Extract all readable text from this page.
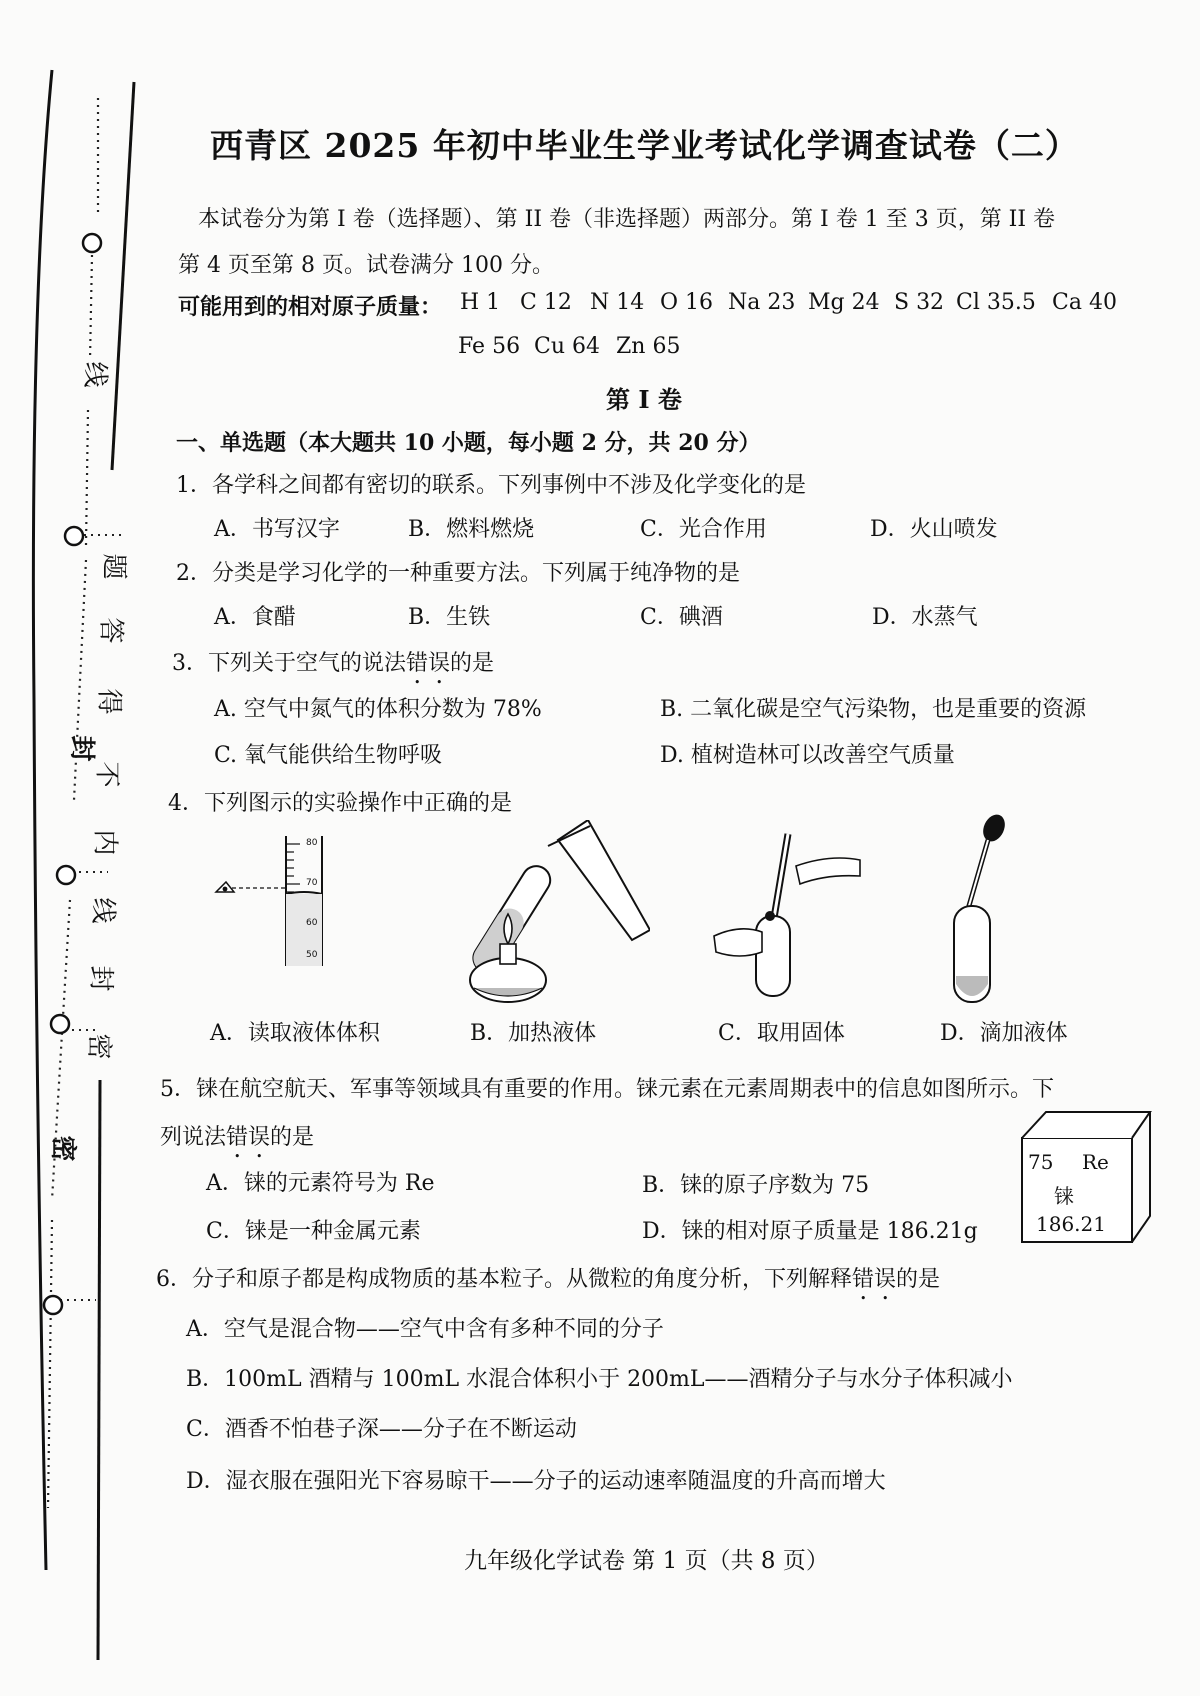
线
封
密
题
答
得
不
内
线
封
密
西青区 2025 年初中毕业生学业考试化学调查试卷（二）
本试卷分为第 I 卷（选择题）、第 II 卷（非选择题）两部分。第 I 卷 1 至 3 页，第 II 卷
第 4 页至第 8 页。试卷满分 100 分。
可能用到的相对原子质量： H 1 C 12 N 14 O 16 Na 23 Mg 24 S 32 Cl 35.5 Ca 40
Fe 56 Cu 64 Zn 65
第 I 卷
一、单选题（本大题共 10 小题，每小题 2 分，共 20 分）
1．各学科之间都有密切的联系。下列事例中不涉及化学变化的是
A．书写汉字	B．燃料燃烧	C．光合作用	D．火山喷发
2．分类是学习化学的一种重要方法。下列属于纯净物的是
A．食醋	B．生铁	C．碘酒	D．水蒸气
3．下列关于空气的说法错误的是
A. 空气中氮气的体积分数为 78%	B. 二氧化碳是空气污染物，也是重要的资源
C. 氧气能供给生物呼吸	D. 植树造林可以改善空气质量
4．下列图示的实验操作中正确的是
80
70
60
50
A．读取液体体积	B．加热液体	C．取用固体	D．滴加液体
5．铼在航空航天、军事等领域具有重要的作用。铼元素在元素周期表中的信息如图所示。下
列说法错误的是
A．铼的元素符号为 Re	B．铼的原子序数为 75
C．铼是一种金属元素	D．铼的相对原子质量是 186.21g
75 Re
铼
186.21
6．分子和原子都是构成物质的基本粒子。从微粒的角度分析，下列解释错误的是
A．空气是混合物——空气中含有多种不同的分子
B．100mL 酒精与 100mL 水混合体积小于 200mL——酒精分子与水分子体积减小
C．酒香不怕巷子深——分子在不断运动
D．湿衣服在强阳光下容易晾干——分子的运动速率随温度的升高而增大
九年级化学试卷 第 1 页（共 8 页）
